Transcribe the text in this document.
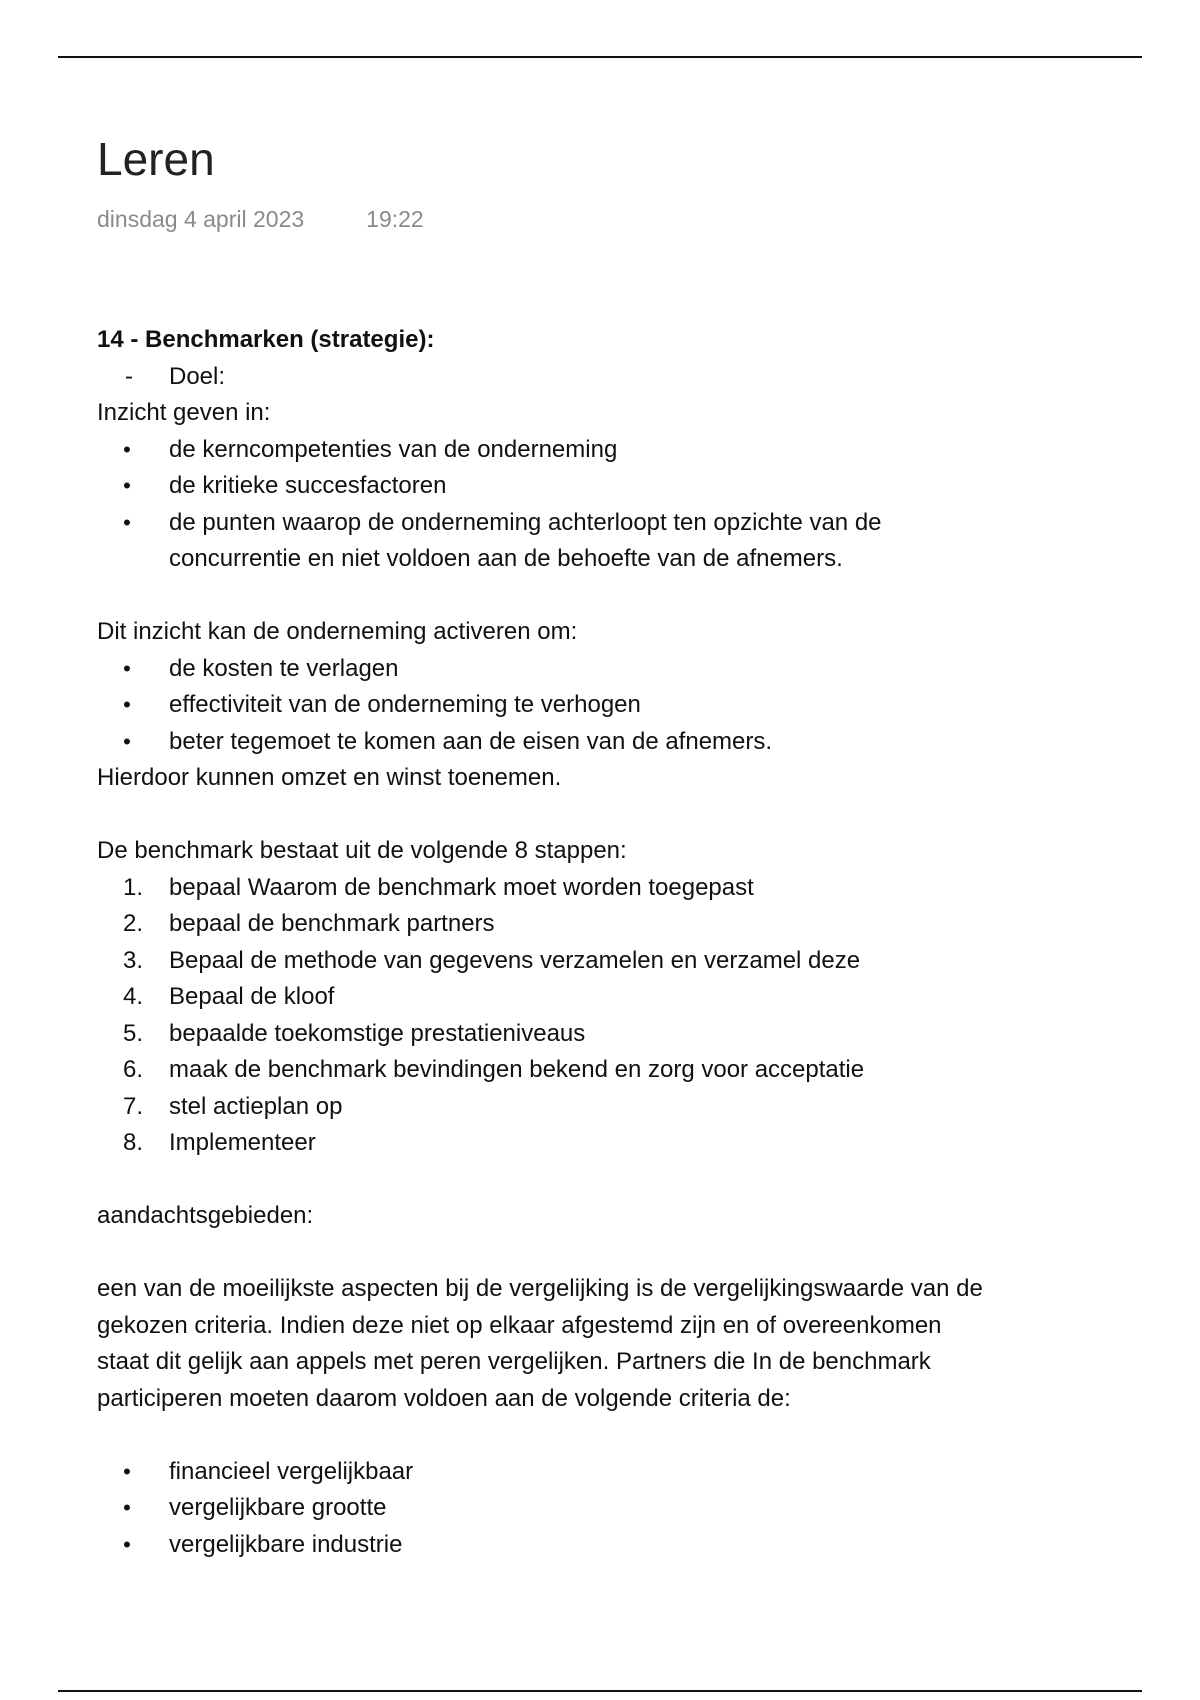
Leren
dinsdag 4 april 2023	19:22

14 - Benchmarken (strategie):

- Doel:

Inzicht geven in:

• de kerncompetenties van de onderneming
• de kritieke succesfactoren
• de punten waarop de onderneming achterloopt ten opzichte van de concurrentie en niet voldoen aan de behoefte van de afnemers.

Dit inzicht kan de onderneming activeren om:

• de kosten te verlagen
• effectiviteit van de onderneming te verhogen
• beter tegemoet te komen aan de eisen van de afnemers.

Hierdoor kunnen omzet en winst toenemen.

De benchmark bestaat uit de volgende 8 stappen:

1. bepaal Waarom de benchmark moet worden toegepast
2. bepaal de benchmark partners
3. Bepaal de methode van gegevens verzamelen en verzamel deze
4. Bepaal de kloof
5. bepaalde toekomstige prestatieniveaus
6. maak de benchmark bevindingen bekend en zorg voor acceptatie
7. stel actieplan op
8. Implementeer

aandachtsgebieden:

een van de moeilijkste aspecten bij de vergelijking is de vergelijkingswaarde van de gekozen criteria. Indien deze niet op elkaar afgestemd zijn en of overeenkomen staat dit gelijk aan appels met peren vergelijken. Partners die In de benchmark participeren moeten daarom voldoen aan de volgende criteria de:

• financieel vergelijkbaar
• vergelijkbare grootte
• vergelijkbare industrie
